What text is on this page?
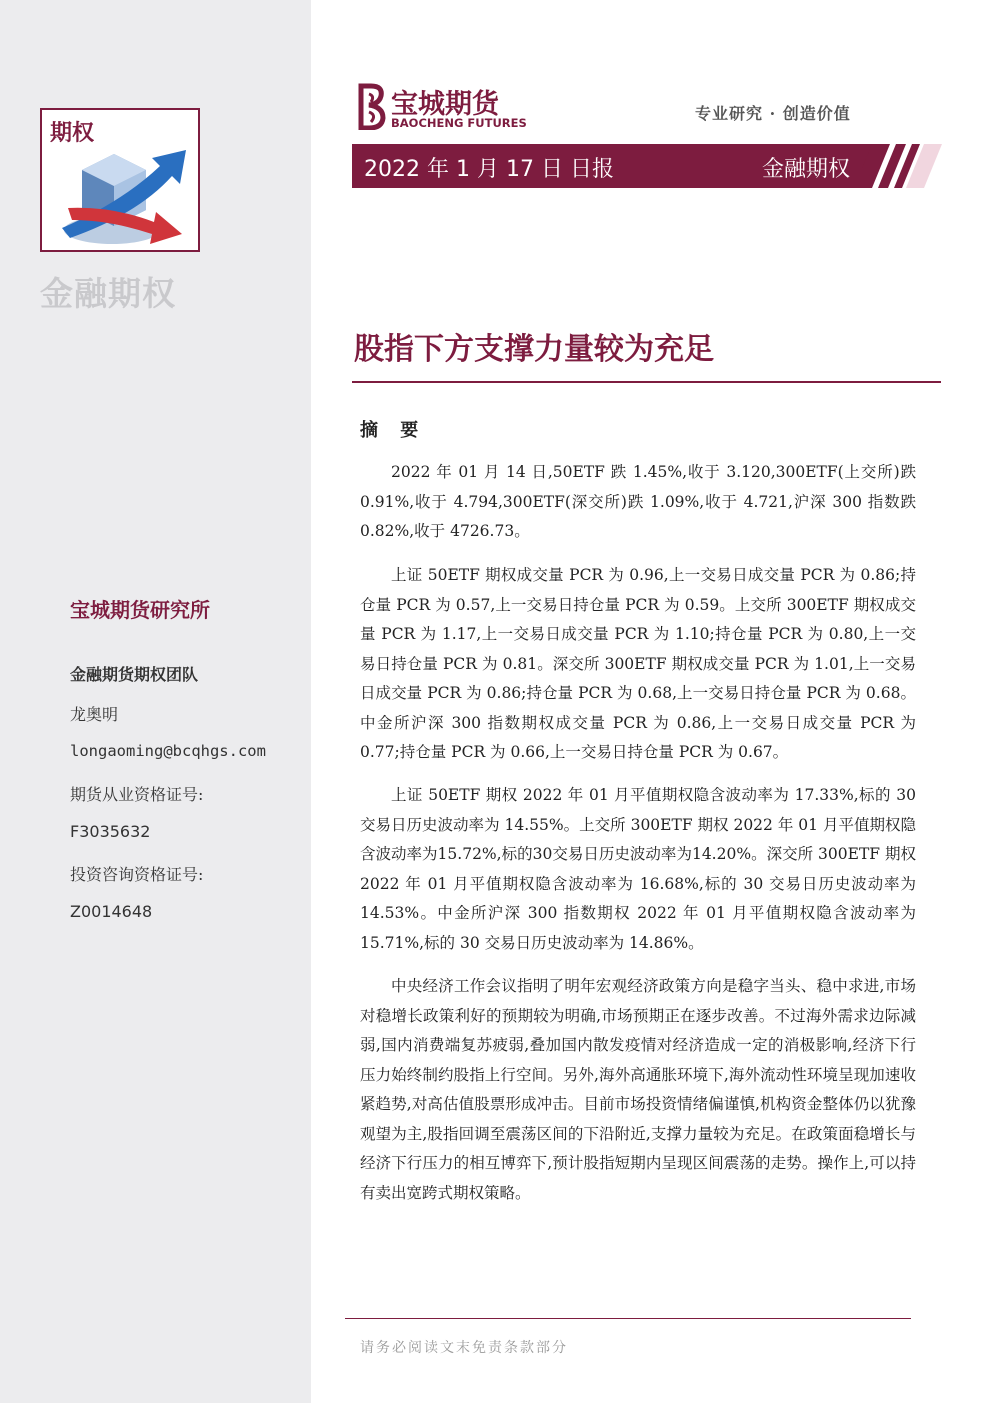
期权
金融期权
宝城期货研究所
金融期货期权团队
龙奥明
longaoming@bcqhgs.com
期货从业资格证号:
F3035632
投资咨询资格证号:
Z0014648
宝城期货
BAOCHENG FUTURES	专业研究 · 创造价值
2022 年 1 月 17 日 日报	金融期权
股指下方支撑力量较为充足
摘 要

2022 年 01 月 14 日,50ETF 跌 1.45%,收于 3.120,300ETF(上交所)跌 0.91%,收于 4.794,300ETF(深交所)跌 1.09%,收于 4.721,沪深 300 指数跌 0.82%,收于 4726.73。

上证 50ETF 期权成交量 PCR 为 0.96,上一交易日成交量 PCR 为 0.86;持仓量 PCR 为 0.57,上一交易日持仓量 PCR 为 0.59。上交所 300ETF 期权成交量 PCR 为 1.17,上一交易日成交量 PCR 为 1.10;持仓量 PCR 为 0.80,上一交易日持仓量 PCR 为 0.81。深交所 300ETF 期权成交量 PCR 为 1.01,上一交易日成交量 PCR 为 0.86;持仓量 PCR 为 0.68,上一交易日持仓量 PCR 为 0.68。中金所沪深 300 指数期权成交量 PCR 为 0.86,上一交易日成交量 PCR 为 0.77;持仓量 PCR 为 0.66,上一交易日持仓量 PCR 为 0.67。

上证 50ETF 期权 2022 年 01 月平值期权隐含波动率为 17.33%,标的 30 交易日历史波动率为 14.55%。上交所 300ETF 期权 2022 年 01 月平值期权隐含波动率为15.72%,标的30交易日历史波动率为14.20%。深交所 300ETF 期权 2022 年 01 月平值期权隐含波动率为 16.68%,标的 30 交易日历史波动率为 14.53%。中金所沪深 300 指数期权 2022 年 01 月平值期权隐含波动率为 15.71%,标的 30 交易日历史波动率为 14.86%。

中央经济工作会议指明了明年宏观经济政策方向是稳字当头、稳中求进,市场对稳增长政策利好的预期较为明确,市场预期正在逐步改善。不过海外需求边际减弱,国内消费端复苏疲弱,叠加国内散发疫情对经济造成一定的消极影响,经济下行压力始终制约股指上行空间。另外,海外高通胀环境下,海外流动性环境呈现加速收紧趋势,对高估值股票形成冲击。目前市场投资情绪偏谨慎,机构资金整体仍以犹豫观望为主,股指回调至震荡区间的下沿附近,支撑力量较为充足。在政策面稳增长与经济下行压力的相互博弈下,预计股指短期内呈现区间震荡的走势。操作上,可以持有卖出宽跨式期权策略。

请务必阅读文末免责条款部分
